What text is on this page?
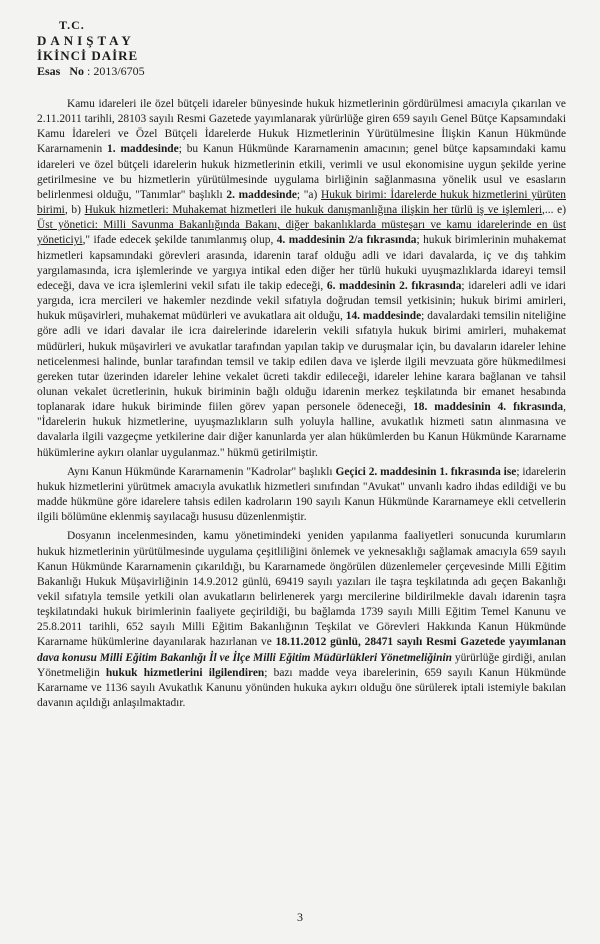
T.C.
DANIŞTAY
İKİNCİ DAİRE
Esas No : 2013/6705

Kamu idareleri ile özel bütçeli idareler bünyesinde hukuk hizmetlerinin gördürülmesi amacıyla çıkarılan ve 2.11.2011 tarihli, 28103 sayılı Resmi Gazetede yayımlanarak yürürlüğe giren 659 sayılı Genel Bütçe Kapsamındaki Kamu İdareleri ve Özel Bütçeli İdarelerde Hukuk Hizmetlerinin Yürütülmesine İlişkin Kanun Hükmünde Kararnamenin 1. maddesinde; bu Kanun Hükmünde Kararnamenin amacının; genel bütçe kapsamındaki kamu idareleri ve özel bütçeli idarelerin hukuk hizmetlerinin etkili, verimli ve usul ekonomisine uygun şekilde yerine getirilmesine ve bu hizmetlerin yürütülmesinde uygulama birliğinin sağlanmasına yönelik usul ve esasların belirlenmesi olduğu, "Tanımlar" başlıklı 2. maddesinde; "a) Hukuk birimi: İdarelerde hukuk hizmetlerini yürüten birimi, b) Hukuk hizmetleri: Muhakemat hizmetleri ile hukuk danışmanlığına ilişkin her türlü iş ve işlemleri,... e) Üst yönetici: Milli Savunma Bakanlığında Bakanı, diğer bakanlıklarda müsteşarı ve kamu idarelerinde en üst yöneticiyi," ifade edecek şekilde tanımlanmış olup, 4. maddesinin 2/a fıkrasında; hukuk birimlerinin muhakemat hizmetleri kapsamındaki görevleri arasında, idarenin taraf olduğu adli ve idari davalarda, iç ve dış tahkim yargılamasında, icra işlemlerinde ve yargıya intikal eden diğer her türlü hukuki uyuşmazlıklarda idareyi temsil edeceği, dava ve icra işlemlerini vekil sıfatı ile takip edeceği, 6. maddesinin 2. fıkrasında; idareleri adli ve idari yargıda, icra mercileri ve hakemler nezdinde vekil sıfatıyla doğrudan temsil yetkisinin; hukuk birimi amirleri, hukuk müşavirleri, muhakemat müdürleri ve avukatlara ait olduğu, 14. maddesinde; davalardaki temsilin niteliğine göre adli ve idari davalar ile icra dairelerinde idarelerin vekili sıfatıyla hukuk birimi amirleri, muhakemat müdürleri, hukuk müşavirleri ve avukatlar tarafından yapılan takip ve duruşmalar için, bu davaların idareler lehine neticelenmesi halinde, bunlar tarafından temsil ve takip edilen dava ve işlerde ilgili mevzuata göre hükmedilmesi gereken tutar üzerinden idareler lehine vekalet ücreti takdir edileceği, idareler lehine karara bağlanan ve tahsil olunan vekalet ücretlerinin, hukuk biriminin bağlı olduğu idarenin merkez teşkilatında bir emanet hesabında toplanarak idare hukuk biriminde fiilen görev yapan personele ödeneceği, 18. maddesinin 4. fıkrasında, "İdarelerin hukuk hizmetlerine, uyuşmazlıkların sulh yoluyla halline, avukatlık hizmeti satın alınmasına ve davalarla ilgili vazgeçme yetkilerine dair diğer kanunlarda yer alan hükümlerden bu Kanun Hükmünde Kararname hükümlerine aykırı olanlar uygulanmaz." hükmü getirilmiştir.

Aynı Kanun Hükmünde Kararnamenin "Kadrolar" başlıklı Geçici 2. maddesinin 1. fıkrasında ise; idarelerin hukuk hizmetlerini yürütmek amacıyla avukatlık hizmetleri sınıfından "Avukat" unvanlı kadro ihdas edildiği ve bu madde hükmüne göre idarelere tahsis edilen kadroların 190 sayılı Kanun Hükmünde Kararnameye ekli cetvellerin ilgili bölümüne eklenmiş sayılacağı hususu düzenlenmiştir.

Dosyanın incelenmesinden, kamu yönetimindeki yeniden yapılanma faaliyetleri sonucunda kurumların hukuk hizmetlerinin yürütülmesinde uygulama çeşitliliğini önlemek ve yeknesaklığı sağlamak amacıyla 659 sayılı Kanun Hükmünde Kararnamenin çıkarıldığı, bu Kararnamede öngörülen düzenlemeler çerçevesinde Milli Eğitim Bakanlığı Hukuk Müşavirliğinin 14.9.2012 günlü, 69419 sayılı yazıları ile taşra teşkilatında adı geçen Bakanlığı vekil sıfatıyla temsile yetkili olan avukatların belirlenerek yargı mercilerine bildirilmekle davalı idarenin taşra teşkilatındaki hukuk birimlerinin faaliyete geçirildiği, bu bağlamda 1739 sayılı Milli Eğitim Temel Kanunu ve 25.8.2011 tarihli, 652 sayılı Milli Eğitim Bakanlığının Teşkilat ve Görevleri Hakkında Kanun Hükmünde Kararname hükümlerine dayanılarak hazırlanan ve 18.11.2012 günlü, 28471 sayılı Resmi Gazetede yayımlanan dava konusu Milli Eğitim Bakanlığı İl ve İlçe Milli Eğitim Müdürlükleri Yönetmeliğinin yürürlüğe girdiği, anılan Yönetmeliğin hukuk hizmetlerini ilgilendiren; bazı madde veya ibarelerinin, 659 sayılı Kanun Hükmünde Kararname ve 1136 sayılı Avukatlık Kanunu yönünden hukuka aykırı olduğu öne sürülerek iptali istemiyle bakılan davanın açıldığı anlaşılmaktadır.

3
